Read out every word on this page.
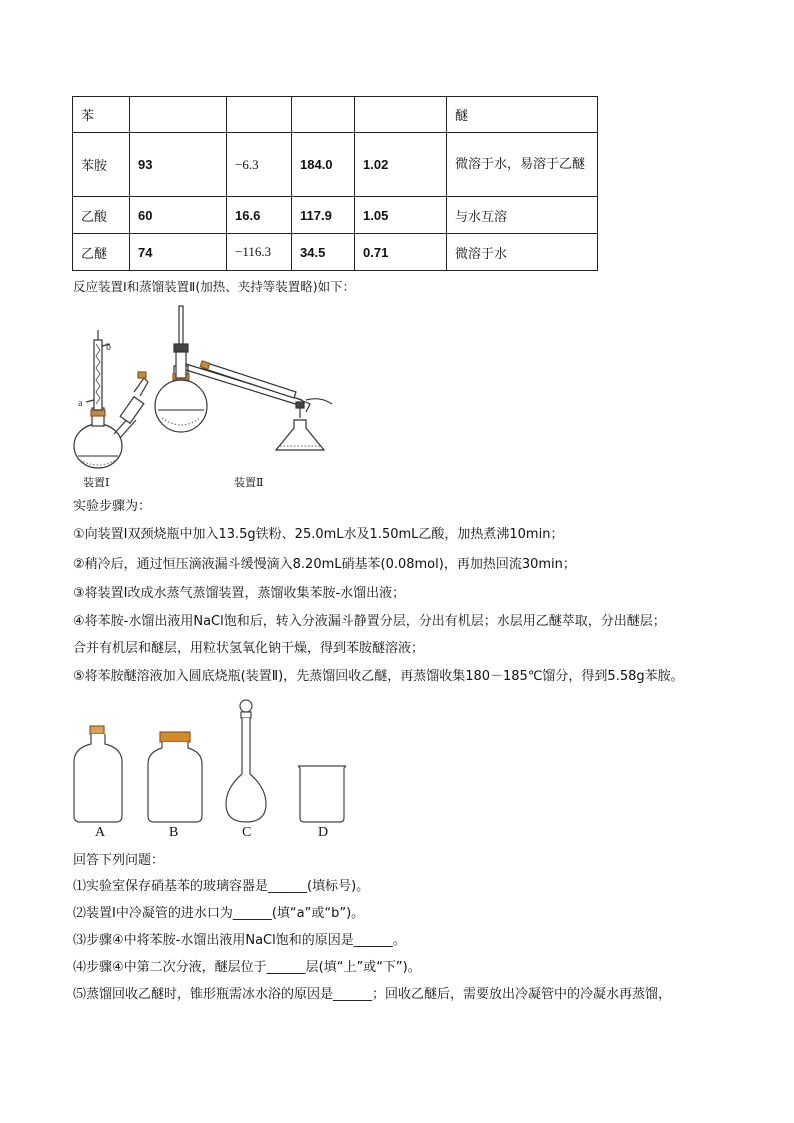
苯					醚
苯胺	93	−6.3	184.0	1.02	微溶于水，易溶于乙醚
乙酸	60	16.6	117.9	1.05	与水互溶
乙醚	74	−116.3	34.5	0.71	微溶于水
反应装置Ⅰ和蒸馏装置Ⅱ(加热、夹持等装置略)如下：
b
a
装置Ⅰ	装置Ⅱ
实验步骤为：
①向装置Ⅰ双颈烧瓶中加入13.5g铁粉、25.0mL水及1.50mL乙酸，加热煮沸10min；
②稍冷后，通过恒压滴液漏斗缓慢滴入8.20mL硝基苯(0.08mol)，再加热回流30min；
③将装置Ⅰ改成水蒸气蒸馏装置，蒸馏收集苯胺-水馏出液；
④将苯胺-水馏出液用NaCl饱和后，转入分液漏斗静置分层，分出有机层；水层用乙醚萃取，分出醚层；
合并有机层和醚层，用粒状氢氧化钠干燥，得到苯胺醚溶液；
⑤将苯胺醚溶液加入圆底烧瓶(装置Ⅱ)，先蒸馏回收乙醚，再蒸馏收集180－185℃馏分，得到5.58g苯胺。
A	B	C	D
回答下列问题：
⑴实验室保存硝基苯的玻璃容器是______(填标号)。
⑵装置Ⅰ中冷凝管的进水口为______(填“a”或“b”)。
⑶步骤④中将苯胺-水馏出液用NaCl饱和的原因是______。
⑷步骤④中第二次分液，醚层位于______层(填“上”或“下”)。
⑸蒸馏回收乙醚时，锥形瓶需冰水浴的原因是______；回收乙醚后，需要放出冷凝管中的冷凝水再蒸馏，
